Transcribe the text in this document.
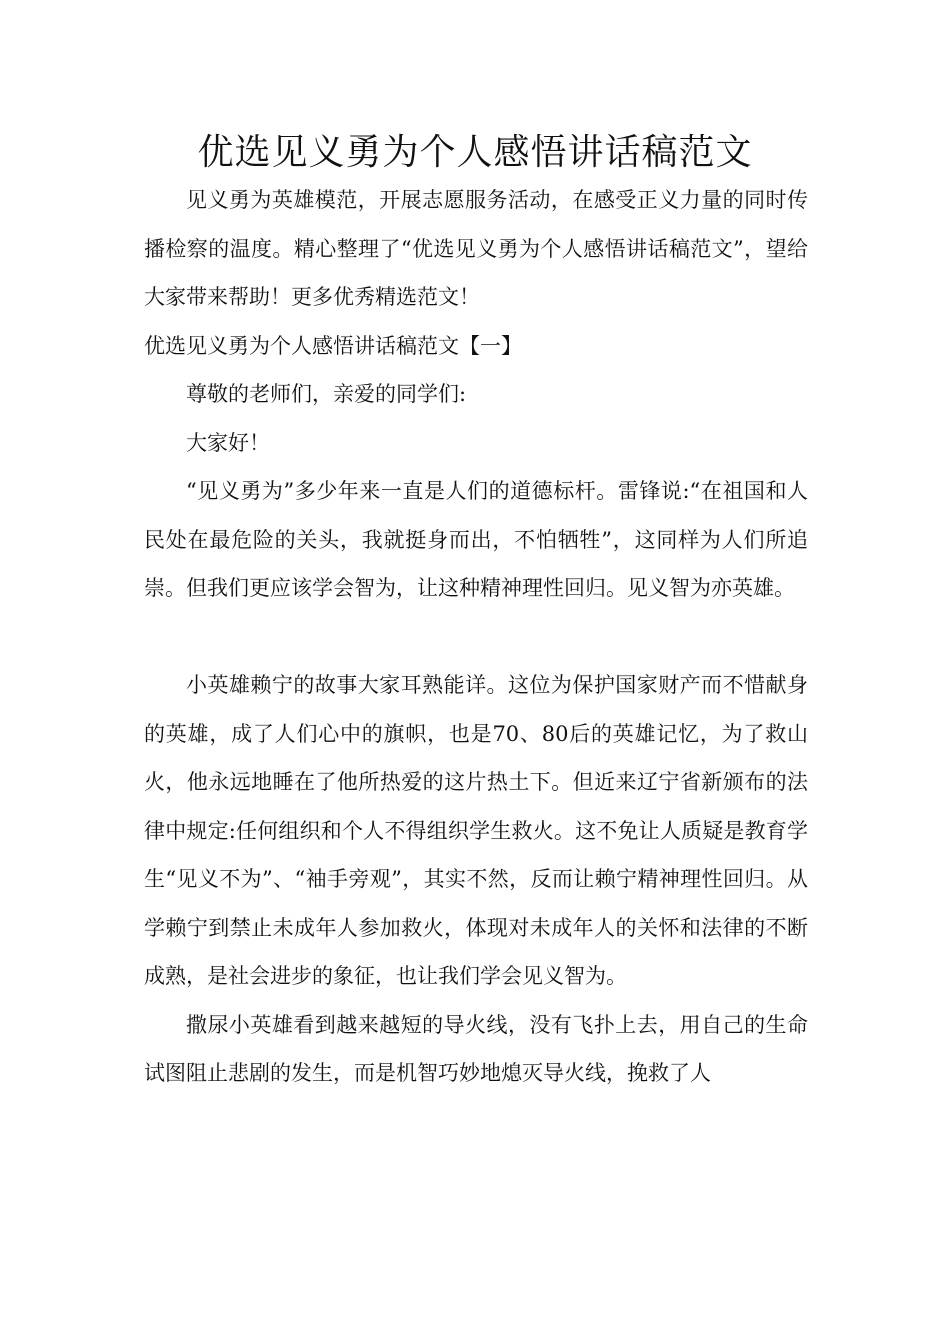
优选见义勇为个人感悟讲话稿范文

见义勇为英雄模范，开展志愿服务活动，在感受正义力量的同时传播检察的温度。精心整理了“优选见义勇为个人感悟讲话稿范文”，望给大家带来帮助！更多优秀精选范文！

优选见义勇为个人感悟讲话稿范文【一】

尊敬的老师们，亲爱的同学们:

大家好！

“见义勇为”多少年来一直是人们的道德标杆。雷锋说:“在祖国和人民处在最危险的关头，我就挺身而出，不怕牺牲”，这同样为人们所追崇。但我们更应该学会智为，让这种精神理性回归。见义智为亦英雄。

小英雄赖宁的故事大家耳熟能详。这位为保护国家财产而不惜献身的英雄，成了人们心中的旗帜，也是70、80后的英雄记忆，为了救山火，他永远地睡在了他所热爱的这片热土下。但近来辽宁省新颁布的法律中规定:任何组织和个人不得组织学生救火。这不免让人质疑是教育学生“见义不为”、“袖手旁观”，其实不然，反而让赖宁精神理性回归。从学赖宁到禁止未成年人参加救火，体现对未成年人的关怀和法律的不断成熟，是社会进步的象征，也让我们学会见义智为。

撒尿小英雄看到越来越短的导火线，没有飞扑上去，用自己的生命试图阻止悲剧的发生，而是机智巧妙地熄灭导火线，挽救了人
